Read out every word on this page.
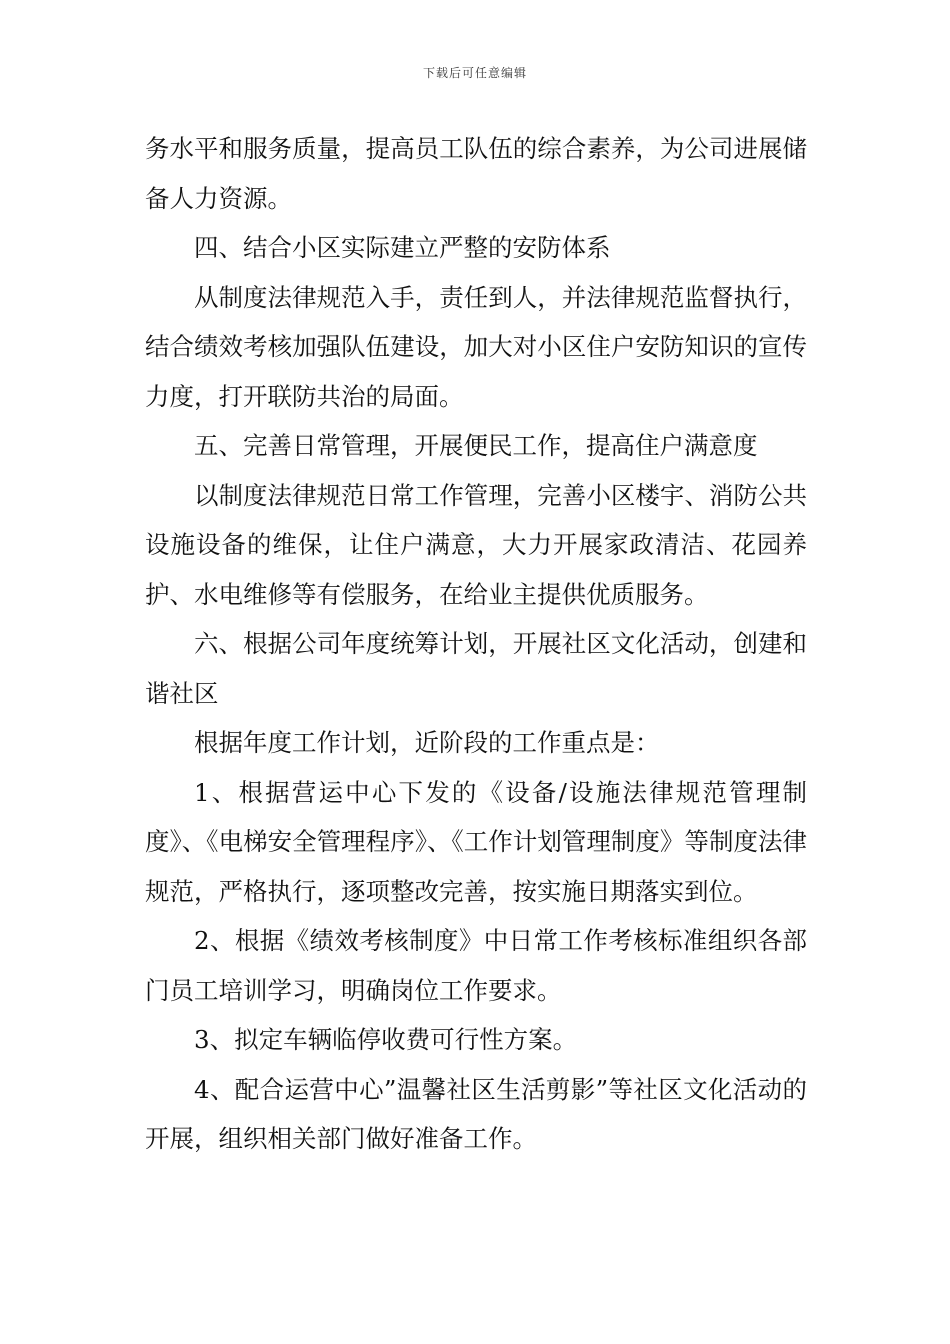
下载后可任意编辑

务水平和服务质量，提高员工队伍的综合素养，为公司进展储备人力资源。

四、结合小区实际建立严整的安防体系

从制度法律规范入手，责任到人，并法律规范监督执行，结合绩效考核加强队伍建设，加大对小区住户安防知识的宣传力度，打开联防共治的局面。

五、完善日常管理，开展便民工作，提高住户满意度

以制度法律规范日常工作管理，完善小区楼宇、消防公共设施设备的维保，让住户满意，大力开展家政清洁、花园养护、水电维修等有偿服务，在给业主提供优质服务。

六、根据公司年度统筹计划，开展社区文化活动，创建和谐社区

根据年度工作计划，近阶段的工作重点是：

1、根据营运中心下发的《设备/设施法律规范管理制度》、《电梯安全管理程序》、《工作计划管理制度》等制度法律规范，严格执行，逐项整改完善，按实施日期落实到位。

2、根据《绩效考核制度》中日常工作考核标准组织各部门员工培训学习，明确岗位工作要求。

3、拟定车辆临停收费可行性方案。

4、配合运营中心”温馨社区生活剪影”等社区文化活动的开展，组织相关部门做好准备工作。
